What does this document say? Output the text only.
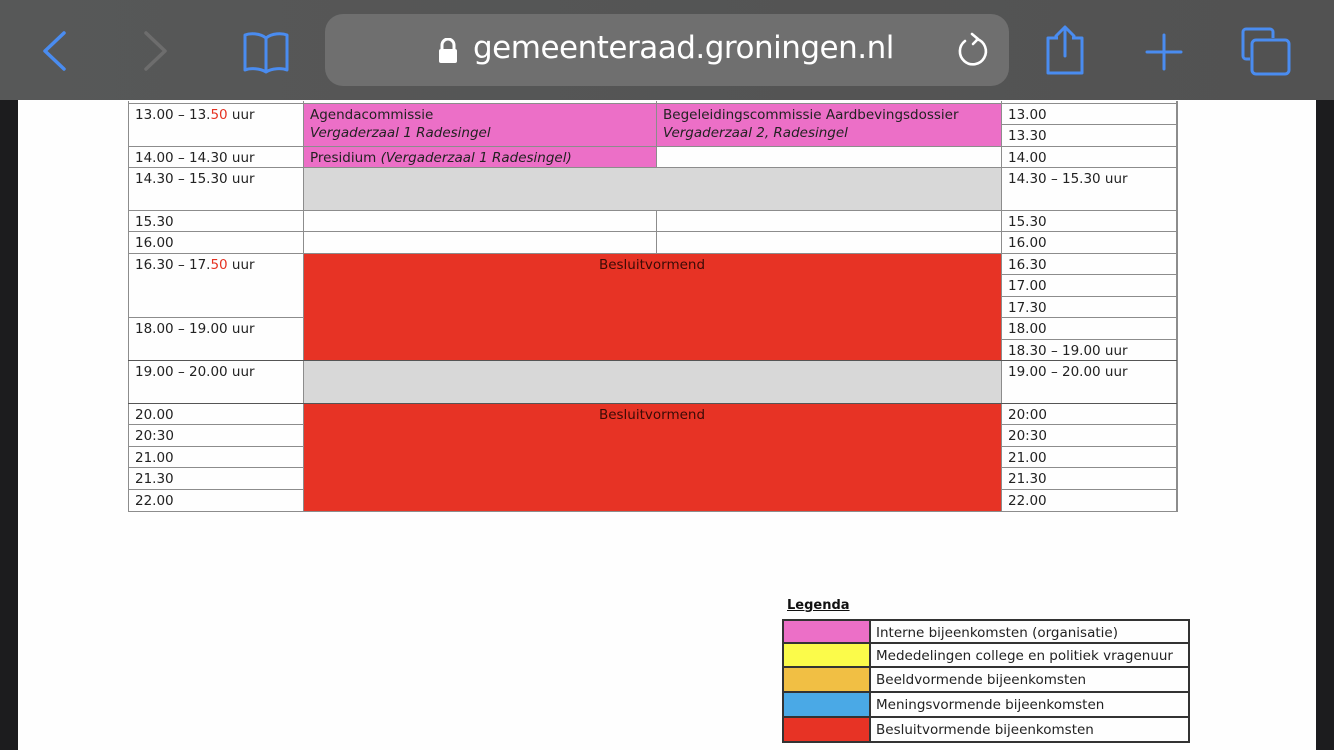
gemeenteraad.groningen.nl
Agendacommissie
Vergaderzaal 1 Radesingel
Begeleidingscommissie Aardbevingsdossier
Vergaderzaal 2, Radesingel
Presidium (Vergaderzaal 1 Radesingel)
Besluitvormend
Besluitvormend
13.00 – 13.50 uur
14.00 – 14.30 uur
14.30 – 15.30 uur
15.30
16.00
16.30 – 17.50 uur
18.00 – 19.00 uur
19.00 – 20.00 uur
20.00
20:30
21.00
21.30
22.00
13.00
13.30
14.00
14.30 – 15.30 uur
15.30
16.00
16.30
17.00
17.30
18.00
18.30 – 19.00 uur
19.00 – 20.00 uur
20:00
20:30
21.00
21.30
22.00
Legenda
Interne bijeenkomsten (organisatie)
Mededelingen college en politiek vragenuur
Beeldvormende bijeenkomsten
Meningsvormende bijeenkomsten
Besluitvormende bijeenkomsten
